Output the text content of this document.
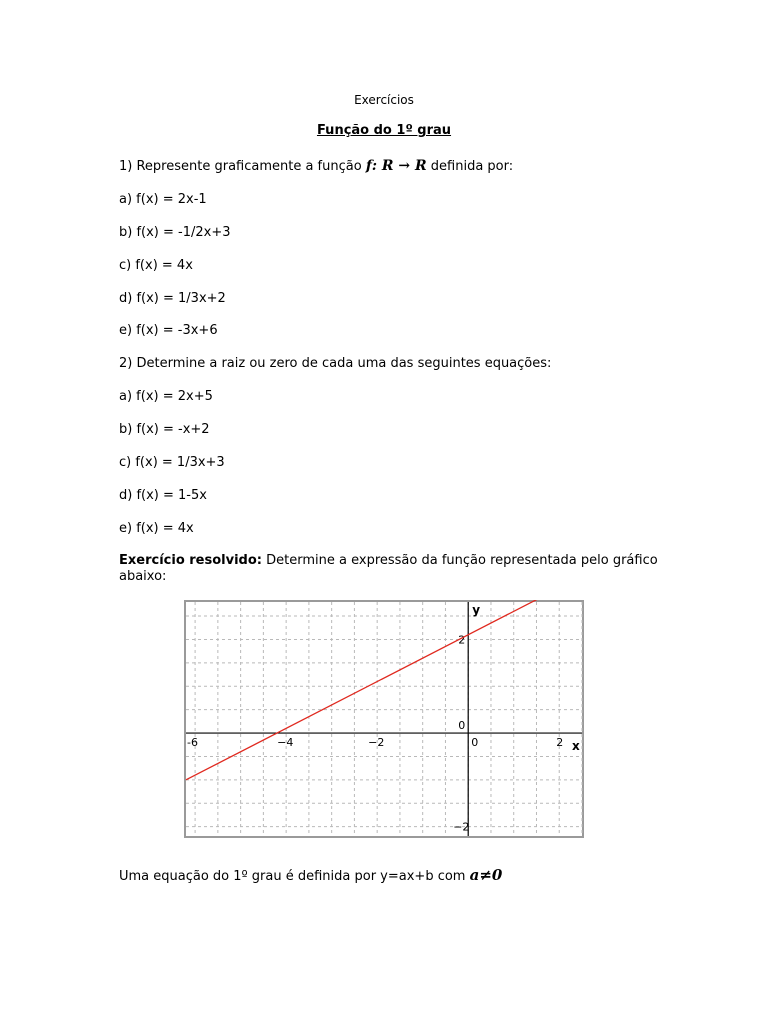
Exercícios
Função do 1º grau
1) Represente graficamente a função f: R → R definida por:
a) f(x) = 2x-1
b) f(x) = -1/2x+3
c) f(x) = 4x
d) f(x) = 1/3x+2
e) f(x) = -3x+6
2) Determine a raiz ou zero de cada uma das seguintes equações:
a) f(x) = 2x+5
b) f(x) = -x+2
c) f(x) = 1/3x+3
d) f(x) = 1-5x
e) f(x) = 4x
Exercício resolvido: Determine a expressão da função representada pelo gráfico abaixo:
x
y
-6	−4	−2	0	2
2
0
−2
Uma equação do 1º grau é definida por y=ax+b com a≠0
